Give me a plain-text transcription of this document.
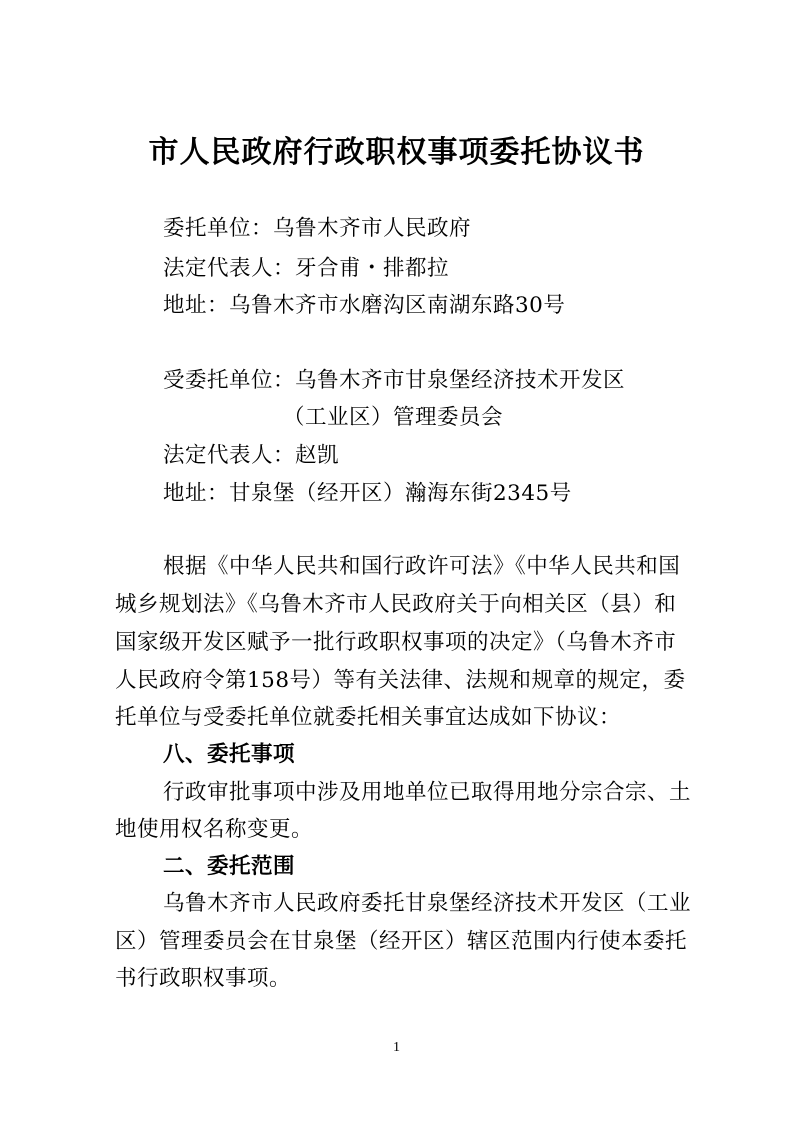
市人民政府行政职权事项委托协议书
委托单位：乌鲁木齐市人民政府
法定代表人：牙合甫・排都拉
地址：乌鲁木齐市水磨沟区南湖东路30号
受委托单位：乌鲁木齐市甘泉堡经济技术开发区
（工业区）管理委员会
法定代表人：赵凯
地址：甘泉堡（经开区）瀚海东街2345号
根据《中华人民共和国行政许可法》《中华人民共和国
城乡规划法》《乌鲁木齐市人民政府关于向相关区（县）和
国家级开发区赋予一批行政职权事项的决定》（乌鲁木齐市
人民政府令第158号）等有关法律、法规和规章的规定，委
托单位与受委托单位就委托相关事宜达成如下协议：
八、委托事项
行政审批事项中涉及用地单位已取得用地分宗合宗、土
地使用权名称变更。
二、委托范围
乌鲁木齐市人民政府委托甘泉堡经济技术开发区（工业
区）管理委员会在甘泉堡（经开区）辖区范围内行使本委托
书行政职权事项。
1
